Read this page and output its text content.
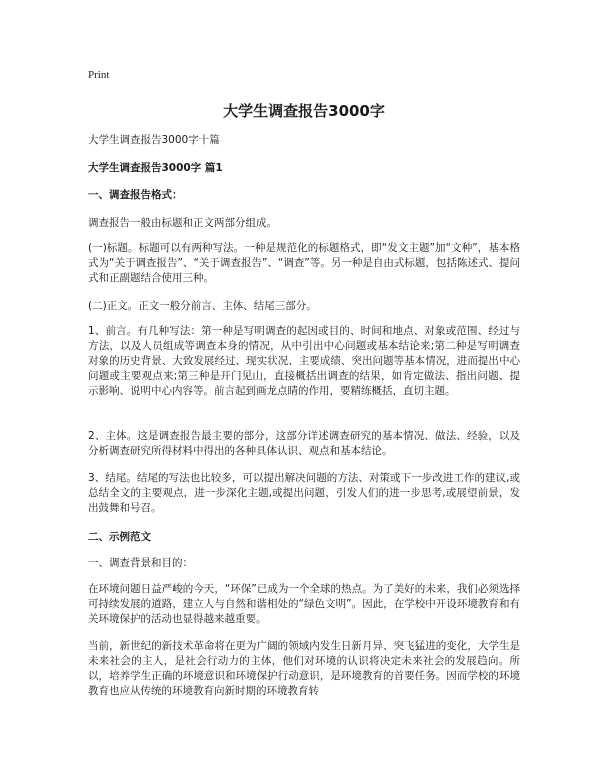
Print
大学生调查报告3000字

大学生调查报告3000字十篇

大学生调查报告3000字 篇1

一、调查报告格式：

调查报告一般由标题和正文两部分组成。

(一)标题。标题可以有两种写法。一种是规范化的标题格式，即“发文主题”加“文种”，基本格式为“关于调查报告”、“关于调查报告”、“调查”等。另一种是自由式标题，包括陈述式、提问式和正副题结合使用三种。

(二)正文。正文一般分前言、主体、结尾三部分。

1、前言。有几种写法：第一种是写明调查的起因或目的、时间和地点、对象或范围、经过与方法，以及人员组成等调查本身的情况，从中引出中心问题或基本结论来;第二种是写明调查对象的历史背景、大致发展经过、现实状况、主要成绩、突出问题等基本情况，进而提出中心问题或主要观点来;第三种是开门见山，直接概括出调查的结果，如肯定做法、指出问题、提示影响、说明中心内容等。前言起到画龙点睛的作用，要精练概括，直切主题。

2、主体。这是调查报告最主要的部分，这部分详述调查研究的基本情况、做法、经验，以及分析调查研究所得材料中得出的各种具体认识、观点和基本结论。

3、结尾。结尾的写法也比较多，可以提出解决问题的方法、对策或下一步改进工作的建议,或总结全文的主要观点，进一步深化主题,或提出问题，引发人们的进一步思考,或展望前景，发出鼓舞和号召。

二、示例范文

一、调查背景和目的：

在环境问题日益严峻的今天，“环保”已成为一个全球的热点。为了美好的未来，我们必须选择可持续发展的道路，建立人与自然和谐相处的“绿色文明”。因此，在学校中开设环境教育和有关环境保护的活动也显得越来越重要。

当前，新世纪的新技术革命将在更为广阔的领域内发生日新月异、突飞猛进的变化，大学生是未来社会的主人，是社会行动力的主体，他们对环境的认识将决定未来社会的发展趋向。所以，培养学生正确的环境意识和环境保护行动意识，是环境教育的首要任务。因而学校的环境教育也应从传统的环境教育向新时期的环境教育转
